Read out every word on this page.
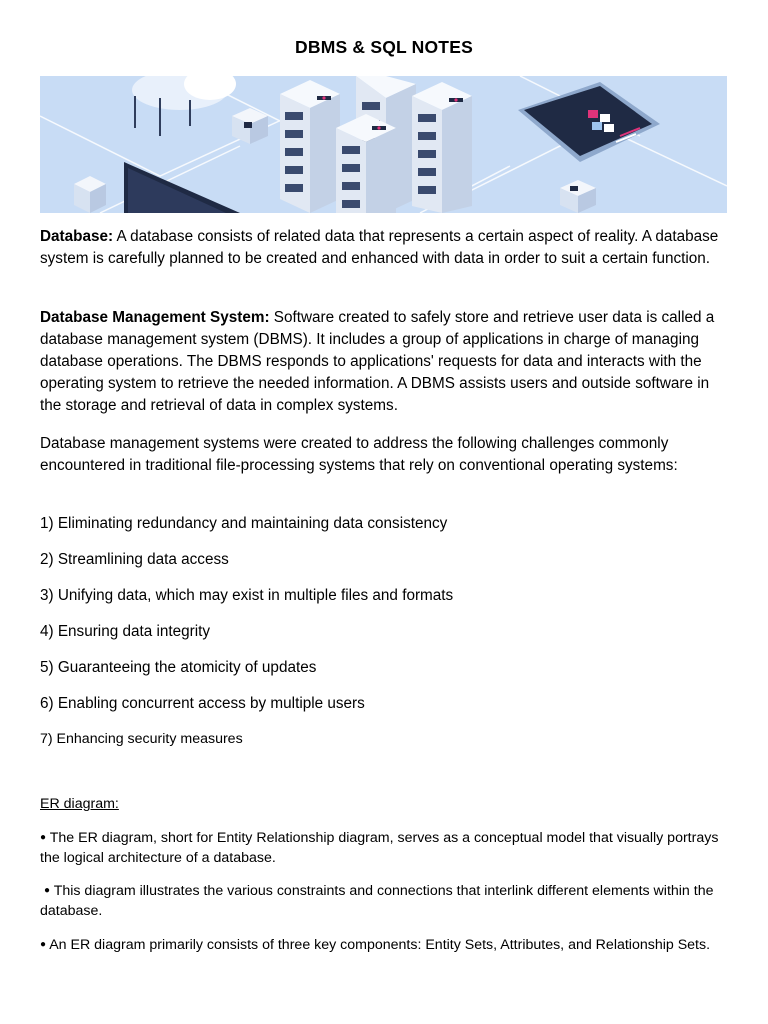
DBMS & SQL NOTES

Database: A database consists of related data that represents a certain aspect of reality. A database system is carefully planned to be created and enhanced with data in order to suit a certain function.

Database Management System: Software created to safely store and retrieve user data is called a database management system (DBMS). It includes a group of applications in charge of managing database operations. The DBMS responds to applications' requests for data and interacts with the operating system to retrieve the needed information. A DBMS assists users and outside software in the storage and retrieval of data in complex systems.

Database management systems were created to address the following challenges commonly encountered in traditional file-processing systems that rely on conventional operating systems:

1) Eliminating redundancy and maintaining data consistency

2) Streamlining data access

3) Unifying data, which may exist in multiple files and formats

4) Ensuring data integrity

5) Guaranteeing the atomicity of updates

6) Enabling concurrent access by multiple users

7) Enhancing security measures

ER diagram:

● The ER diagram, short for Entity Relationship diagram, serves as a conceptual model that visually portrays the logical architecture of a database.

● This diagram illustrates the various constraints and connections that interlink different elements within the database.

● An ER diagram primarily consists of three key components: Entity Sets, Attributes, and Relationship Sets.
